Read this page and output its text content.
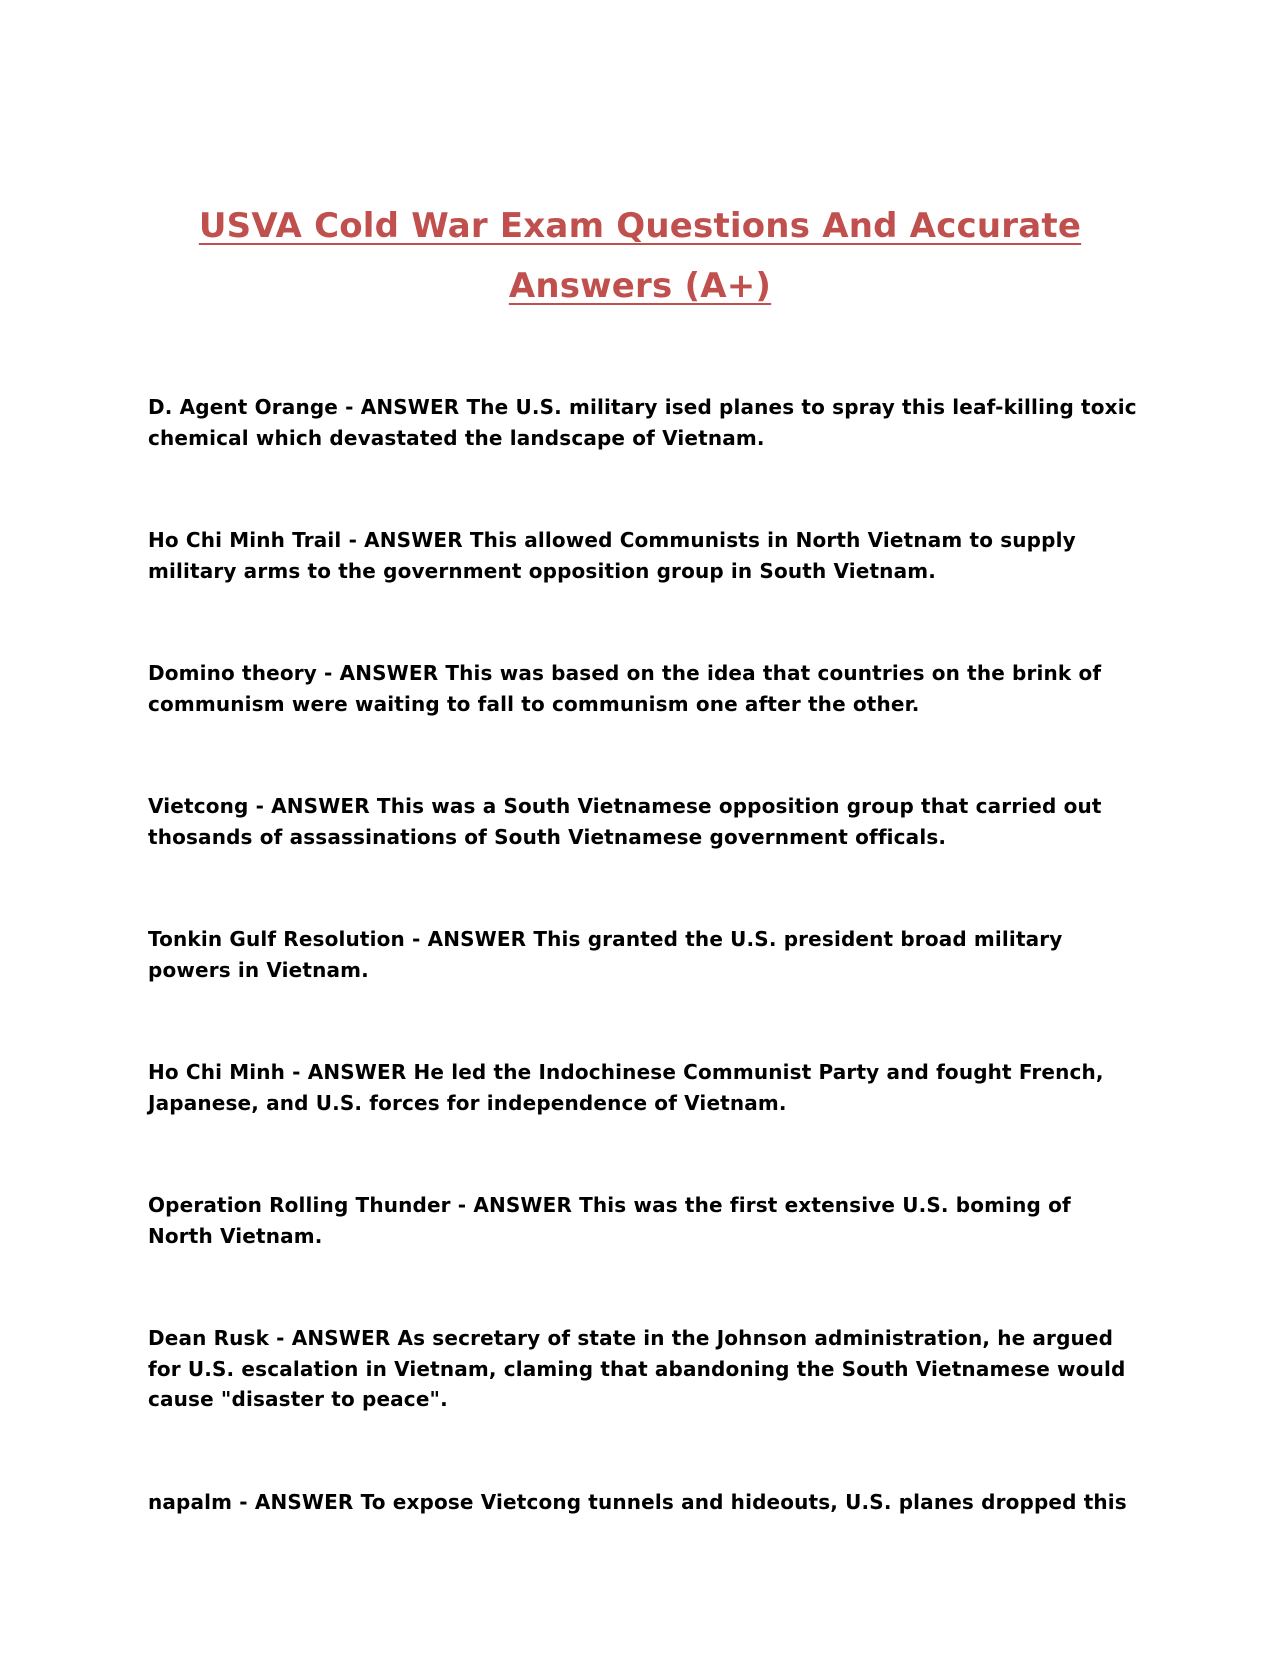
USVA Cold War Exam Questions And Accurate Answers (A+)
D. Agent Orange - ANSWER The U.S. military ised planes to spray this leaf-killing toxic chemical which devastated the landscape of Vietnam.
Ho Chi Minh Trail - ANSWER This allowed Communists in North Vietnam to supply military arms to the government opposition group in South Vietnam.
Domino theory - ANSWER This was based on the idea that countries on the brink of communism were waiting to fall to communism one after the other.
Vietcong - ANSWER This was a South Vietnamese opposition group that carried out thosands of assassinations of South Vietnamese government officals.
Tonkin Gulf Resolution - ANSWER This granted the U.S. president broad military powers in Vietnam.
Ho Chi Minh - ANSWER He led the Indochinese Communist Party and fought French, Japanese, and U.S. forces for independence of Vietnam.
Operation Rolling Thunder - ANSWER This was the first extensive U.S. boming of North Vietnam.
Dean Rusk - ANSWER As secretary of state in the Johnson administration, he argued for U.S. escalation in Vietnam, claming that abandoning the South Vietnamese would cause "disaster to peace".
napalm - ANSWER To expose Vietcong tunnels and hideouts, U.S. planes dropped this
